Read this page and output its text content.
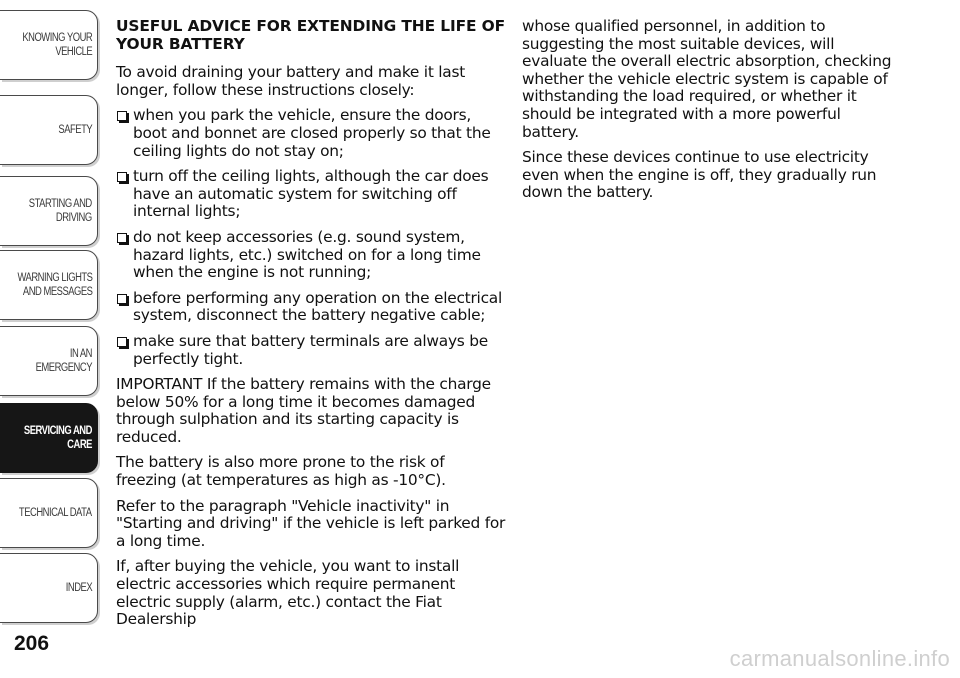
KNOWING YOUR
VEHICLE
SAFETY
STARTING AND
DRIVING
WARNING LIGHTS
AND MESSAGES
IN AN EMERGENCY
SERVICING AND
CARE
TECHNICAL DATA
INDEX
206
USEFUL ADVICE FOR EXTENDING THE LIFE OF YOUR BATTERY

To avoid draining your battery and make it last longer, follow these instructions closely:

when you park the vehicle, ensure the doors, boot and bonnet are closed properly so that the ceiling lights do not stay on;
turn off the ceiling lights, although the car does have an automatic system for switching off internal lights;
do not keep accessories (e.g. sound system, hazard lights, etc.) switched on for a long time when the engine is not running;
before performing any operation on the electrical system, disconnect the battery negative cable;
make sure that battery terminals are always be perfectly tight.

IMPORTANT If the battery remains with the charge below 50% for a long time it becomes damaged through sulphation and its starting capacity is reduced.

The battery is also more prone to the risk of freezing (at temperatures as high as -10°C).

Refer to the paragraph "Vehicle inactivity" in "Starting and driving" if the vehicle is left parked for a long time.

If, after buying the vehicle, you want to install electric accessories which require permanent electric supply (alarm, etc.) contact the Fiat Dealership

whose qualified personnel, in addition to suggesting the most suitable devices, will evaluate the overall electric absorption, checking whether the vehicle electric system is capable of withstanding the load required, or whether it should be integrated with a more powerful battery.

Since these devices continue to use electricity even when the engine is off, they gradually run down the battery.

carmanualsonline.info
